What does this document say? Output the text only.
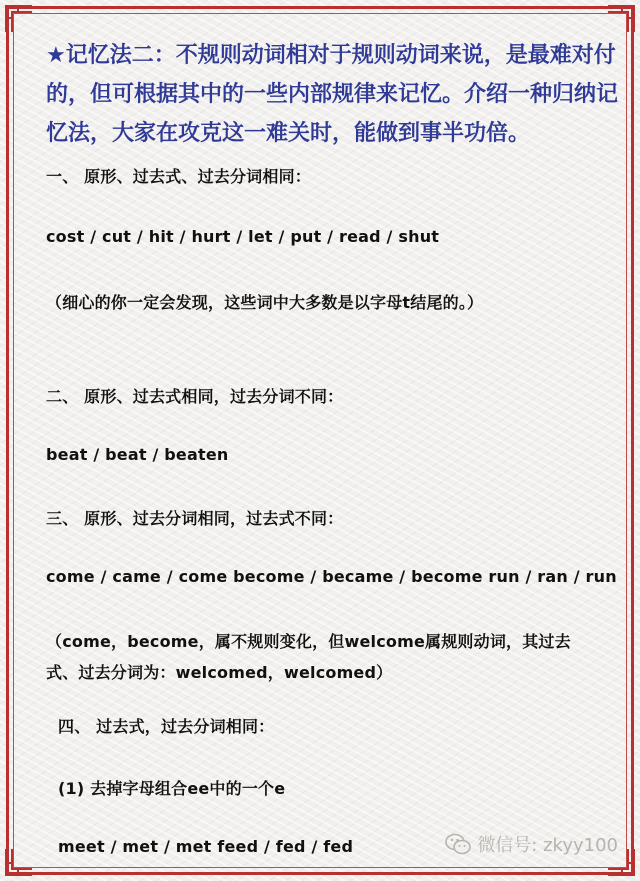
★记忆法二：不规则动词相对于规则动词来说，是最难对付的，但可根据其中的一些内部规律来记忆。介绍一种归纳记忆法，大家在攻克这一难关时，能做到事半功倍。
一、 原形、过去式、过去分词相同：
cost / cut / hit / hurt / let / put / read / shut
（细心的你一定会发现，这些词中大多数是以字母t结尾的。）
二、 原形、过去式相同，过去分词不同：
beat / beat / beaten
三、 原形、过去分词相同，过去式不同：
come / came / come become / became / become run / ran / run
（come，become，属不规则变化，但welcome属规则动词，其过去
式、过去分词为：welcomed，welcomed）
四、 过去式，过去分词相同：
(1) 去掉字母组合ee中的一个e
meet / met / met feed / fed / fed	微信号: zkyy100
